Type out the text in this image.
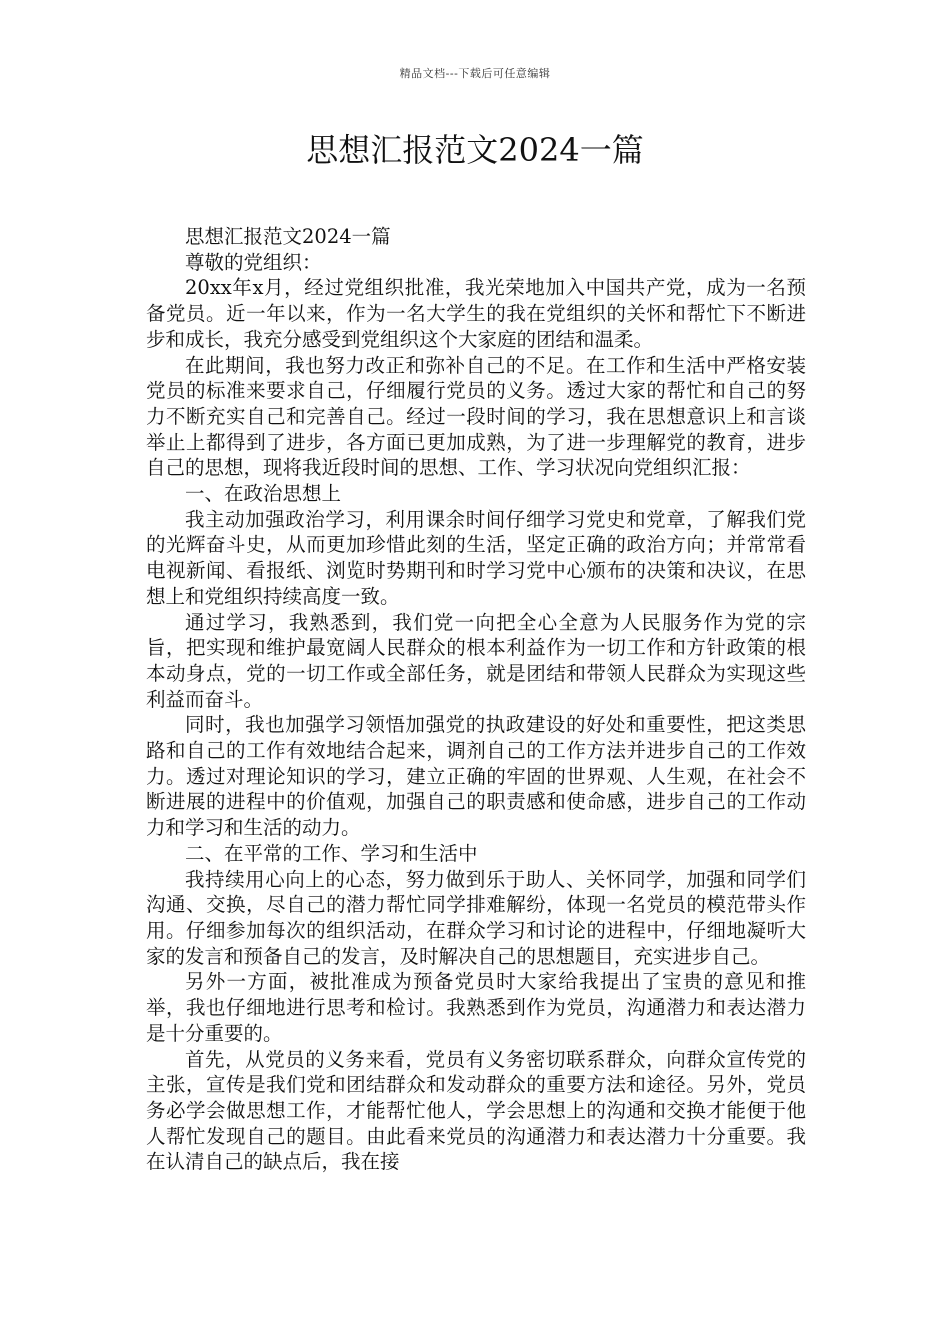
精品文档---下载后可任意编辑
思想汇报范文2024一篇

思想汇报范文2024一篇

尊敬的党组织：

20xx年x月，经过党组织批准，我光荣地加入中国共产党，成为一名预备党员。近一年以来，作为一名大学生的我在党组织的关怀和帮忙下不断进步和成长，我充分感受到党组织这个大家庭的团结和温柔。

在此期间，我也努力改正和弥补自己的不足。在工作和生活中严格安装党员的标准来要求自己，仔细履行党员的义务。透过大家的帮忙和自己的努力不断充实自己和完善自己。经过一段时间的学习，我在思想意识上和言谈举止上都得到了进步，各方面已更加成熟，为了进一步理解党的教育，进步自己的思想，现将我近段时间的思想、工作、学习状况向党组织汇报：

一、在政治思想上

我主动加强政治学习，利用课余时间仔细学习党史和党章，了解我们党的光辉奋斗史，从而更加珍惜此刻的生活，坚定正确的政治方向；并常常看电视新闻、看报纸、浏览时势期刊和时学习党中心颁布的决策和决议，在思想上和党组织持续高度一致。

通过学习，我熟悉到，我们党一向把全心全意为人民服务作为党的宗旨，把实现和维护最宽阔人民群众的根本利益作为一切工作和方针政策的根本动身点，党的一切工作或全部任务，就是团结和带领人民群众为实现这些利益而奋斗。

同时，我也加强学习领悟加强党的执政建设的好处和重要性，把这类思路和自己的工作有效地结合起来，调剂自己的工作方法并进步自己的工作效力。透过对理论知识的学习，建立正确的牢固的世界观、人生观，在社会不断进展的进程中的价值观，加强自己的职责感和使命感，进步自己的工作动力和学习和生活的动力。

二、在平常的工作、学习和生活中

我持续用心向上的心态，努力做到乐于助人、关怀同学，加强和同学们沟通、交换，尽自己的潜力帮忙同学排难解纷，体现一名党员的模范带头作用。仔细参加每次的组织活动，在群众学习和讨论的进程中，仔细地凝听大家的发言和预备自己的发言，及时解决自己的思想题目，充实进步自己。

另外一方面，被批准成为预备党员时大家给我提出了宝贵的意见和推举，我也仔细地进行思考和检讨。我熟悉到作为党员，沟通潜力和表达潜力是十分重要的。

首先，从党员的义务来看，党员有义务密切联系群众，向群众宣传党的主张，宣传是我们党和团结群众和发动群众的重要方法和途径。另外，党员务必学会做思想工作，才能帮忙他人，学会思想上的沟通和交换才能便于他人帮忙发现自己的题目。由此看来党员的沟通潜力和表达潜力十分重要。我在认清自己的缺点后，我在接
